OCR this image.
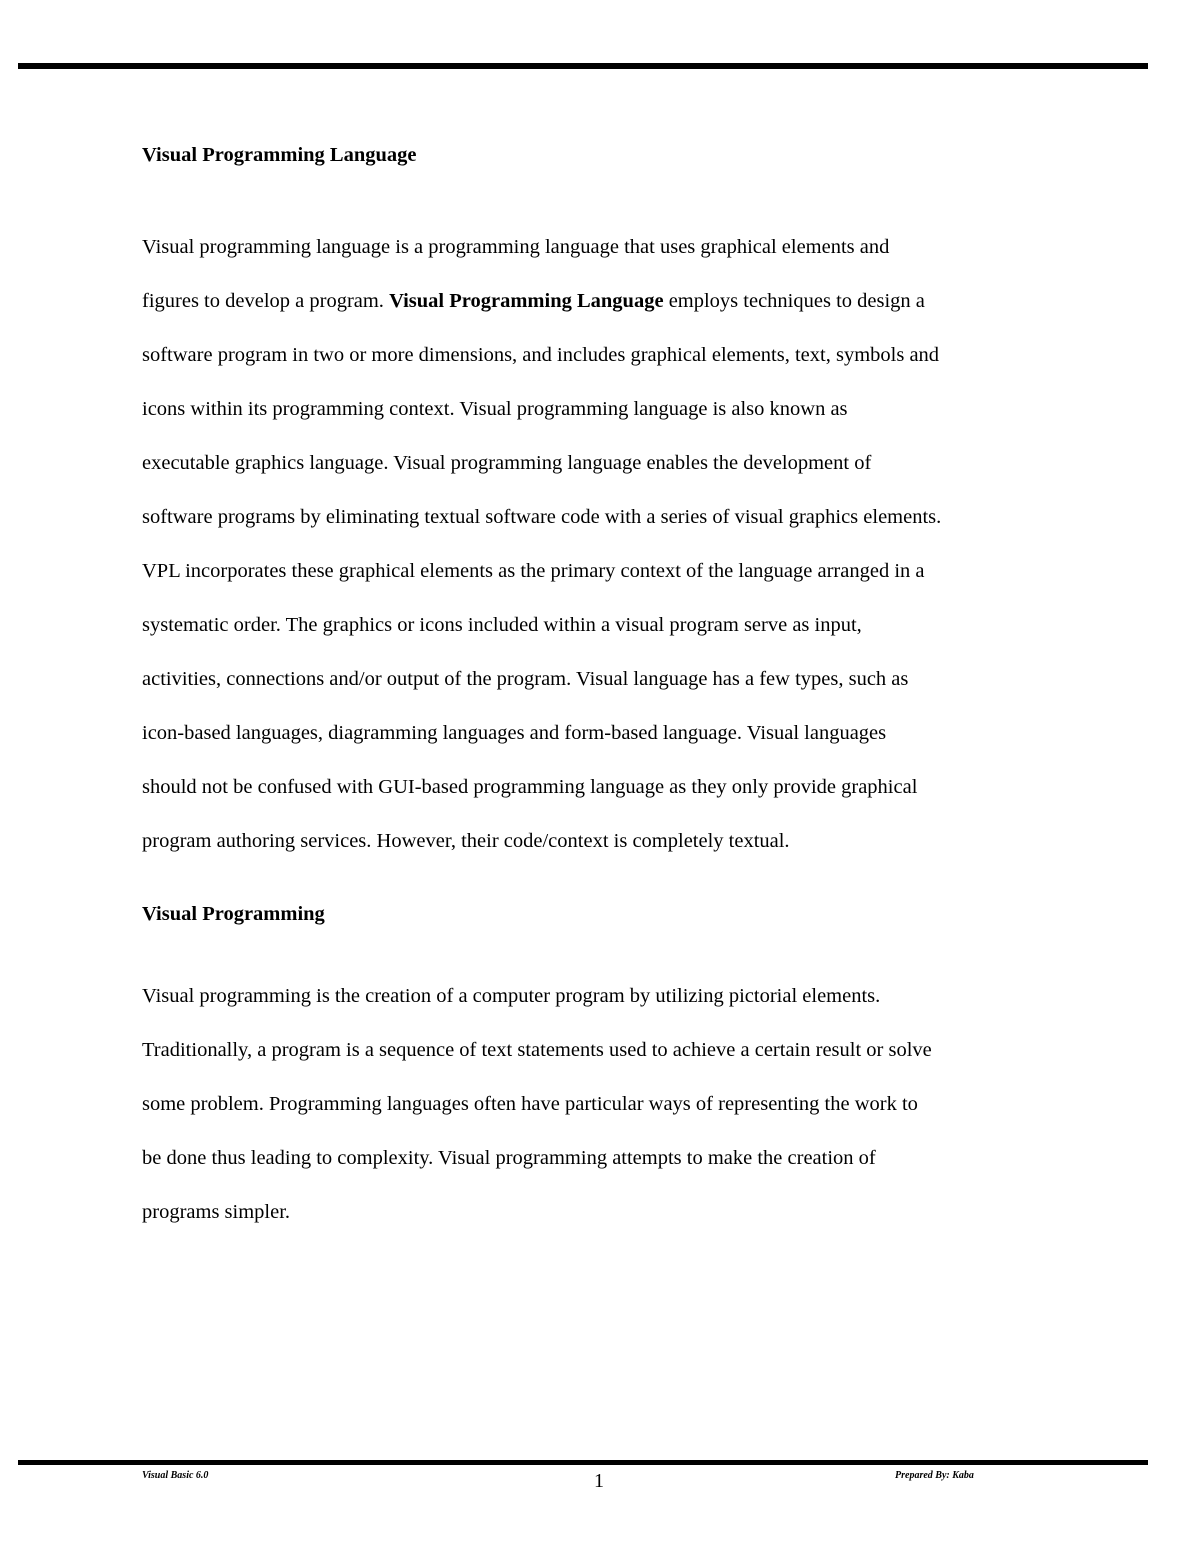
Visual Programming Language

Visual programming language is a programming language that uses graphical elements and
figures to develop a program. Visual Programming Language employs techniques to design a
software program in two or more dimensions, and includes graphical elements, text, symbols and
icons within its programming context. Visual programming language is also known as
executable graphics language. Visual programming language enables the development of
software programs by eliminating textual software code with a series of visual graphics elements.
VPL incorporates these graphical elements as the primary context of the language arranged in a
systematic order. The graphics or icons included within a visual program serve as input,
activities, connections and/or output of the program. Visual language has a few types, such as
icon-based languages, diagramming languages and form-based language. Visual languages
should not be confused with GUI-based programming language as they only provide graphical
program authoring services. However, their code/context is completely textual.

Visual Programming

Visual programming is the creation of a computer program by utilizing pictorial elements.
Traditionally, a program is a sequence of text statements used to achieve a certain result or solve
some problem. Programming languages often have particular ways of representing the work to
be done thus leading to complexity. Visual programming attempts to make the creation of
programs simpler.

Visual Basic 6.0	1	Prepared By: Kaba
